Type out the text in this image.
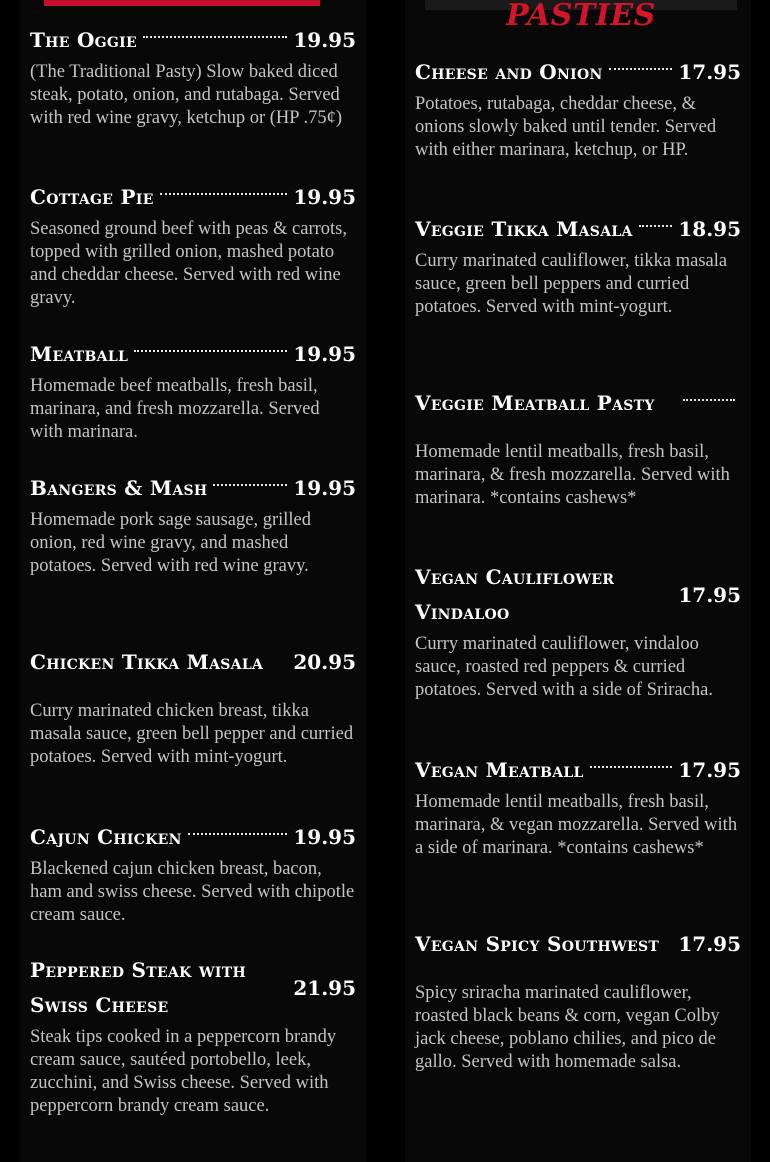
PASTIES
The Oggie	19.95
(The Traditional Pasty) Slow baked diced steak, potato, onion, and rutabaga. Served with red wine gravy, ketchup or (HP .75¢)
Cottage Pie	19.95
Seasoned ground beef with peas & carrots, topped with grilled onion, mashed potato and cheddar cheese. Served with red wine gravy.
Meatball	19.95
Homemade beef meatballs, fresh basil, marinara, and fresh mozzarella. Served with marinara.
Bangers & Mash	19.95
Homemade pork sage sausage, grilled onion, red wine gravy, and mashed potatoes. Served with red wine gravy.
Chicken Tikka Masala	20.95
Curry marinated chicken breast, tikka masala sauce, green bell pepper and curried potatoes. Served with mint-yogurt.
Cajun Chicken	19.95
Blackened cajun chicken breast, bacon, ham and swiss cheese. Served with chipotle cream sauce.
Peppered Steak with Swiss Cheese
21.95
Steak tips cooked in a peppercorn brandy cream sauce, sautéed portobello, leek, zucchini, and Swiss cheese. Served with peppercorn brandy cream sauce.
Cheese and Onion	17.95
Potatoes, rutabaga, cheddar cheese, & onions slowly baked until tender. Served with either marinara, ketchup, or HP.
Veggie Tikka Masala 18.95
Curry marinated cauliflower, tikka masala sauce, green bell peppers and curried potatoes. Served with mint-yogurt.
Veggie Meatball Pasty
Homemade lentil meatballs, fresh basil, marinara, & fresh mozzarella. Served with marinara. *contains cashews*
Vegan Cauliflower Vindaloo
17.95
Curry marinated cauliflower, vindaloo sauce, roasted red peppers & curried potatoes. Served with a side of Sriracha.
Vegan Meatball	17.95
Homemade lentil meatballs, fresh basil, marinara, & vegan mozzarella. Served with a side of marinara. *contains cashews*
Vegan Spicy Southwest 17.95
Spicy sriracha marinated cauliflower, roasted black beans & corn, vegan Colby jack cheese, poblano chilies, and pico de gallo. Served with homemade salsa.
